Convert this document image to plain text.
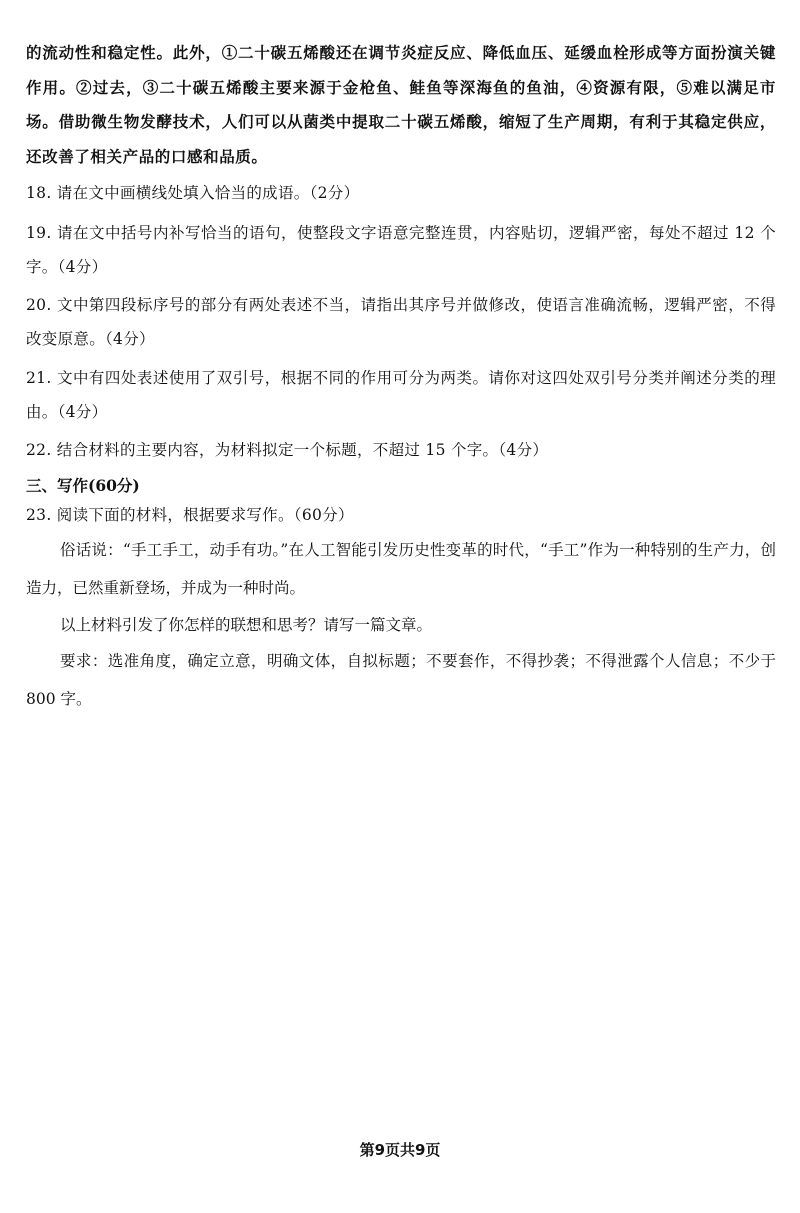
的流动性和稳定性。此外，①二十碳五烯酸还在调节炎症反应、降低血压、延缓血栓形成等方面扮演关键作用。②过去，③二十碳五烯酸主要来源于金枪鱼、鲑鱼等深海鱼的鱼油，④资源有限，⑤难以满足市场。借助微生物发酵技术，人们可以从菌类中提取二十碳五烯酸，缩短了生产周期，有利于其稳定供应，还改善了相关产品的口感和品质。

18. 请在文中画横线处填入恰当的成语。（2分）

19. 请在文中括号内补写恰当的语句，使整段文字语意完整连贯，内容贴切，逻辑严密，每处不超过 12 个字。（4分）

20. 文中第四段标序号的部分有两处表述不当，请指出其序号并做修改，使语言准确流畅，逻辑严密，不得改变原意。（4分）

21. 文中有四处表述使用了双引号，根据不同的作用可分为两类。请你对这四处双引号分类并阐述分类的理由。（4分）

22. 结合材料的主要内容，为材料拟定一个标题，不超过 15 个字。（4分）

三、写作(60分)

23. 阅读下面的材料，根据要求写作。（60分）

俗话说：“手工手工，动手有功。”在人工智能引发历史性变革的时代，“手工”作为一种特别的生产力，创造力，已然重新登场，并成为一种时尚。

以上材料引发了你怎样的联想和思考？请写一篇文章。

要求：选准角度，确定立意，明确文体，自拟标题；不要套作，不得抄袭；不得泄露个人信息；不少于 800 字。

第9页共9页
